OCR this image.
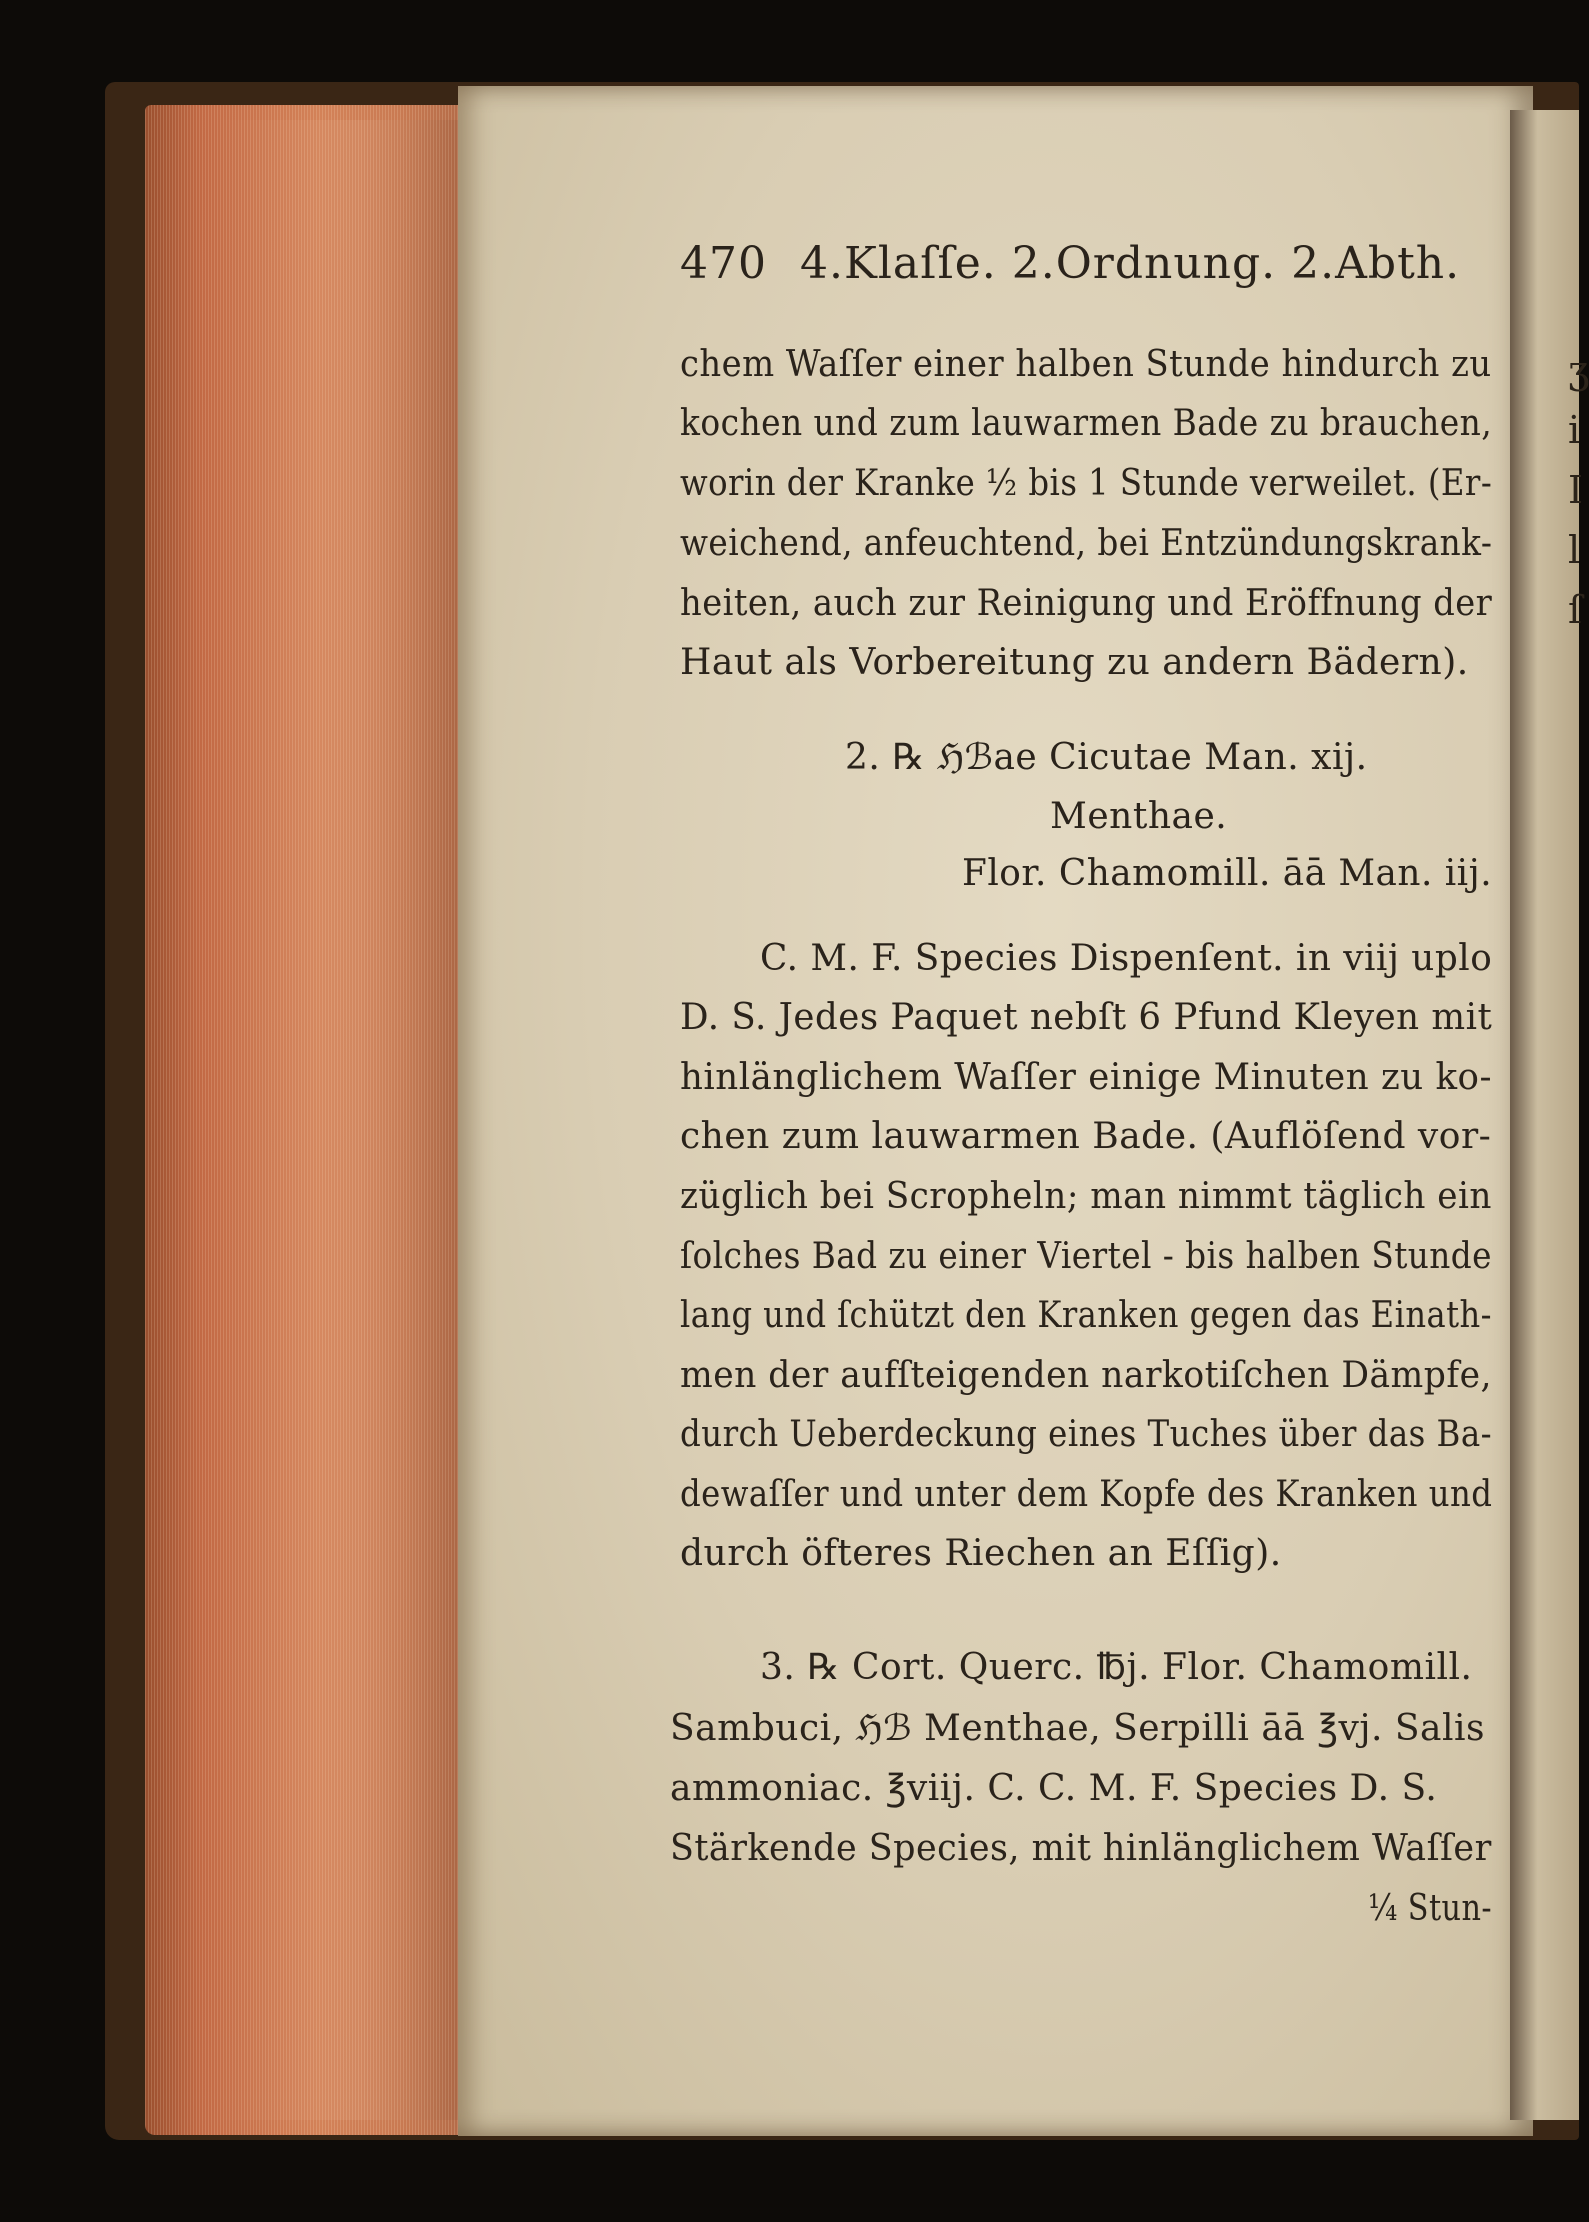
ʒ
i
I
l
ſ
470 4.Klaſſe. 2.Ordnung. 2.Abth.
chem Waſſer einer halben Stunde hindurch zu
kochen und zum lauwarmen Bade zu brauchen,
worin der Kranke ½ bis 1 Stunde verweilet. (Er-
weichend, anfeuchtend, bei Entzündungskrank-
heiten, auch zur Reinigung und Eröffnung der
Haut als Vorbereitung zu andern Bädern).
2. ℞ ℌℬae Cicutae Man. xij.
Menthae.
Flor. Chamomill. āā Man. iij.
C. M. F. Species Dispenſent. in viij uplo
D. S. Jedes Paquet nebſt 6 Pfund Kleyen mit
hinlänglichem Waſſer einige Minuten zu ko-
chen zum lauwarmen Bade. (Auflöſend vor-
züglich bei Scropheln; man nimmt täglich ein
ſolches Bad zu einer Viertel - bis halben Stunde
lang und ſchützt den Kranken gegen das Einath-
men der aufſteigenden narkotiſchen Dämpfe,
durch Ueberdeckung eines Tuches über das Ba-
dewaſſer und unter dem Kopfe des Kranken und
durch öfteres Riechen an Eſſig).
3. ℞ Cort. Querc. ℔j. Flor. Chamomill.
Sambuci, ℌℬ Menthae, Serpilli āā ℥vj. Salis
ammoniac. ℥viij. C. C. M. F. Species D. S.
Stärkende Species, mit hinlänglichem Waſſer
¼ Stun-
